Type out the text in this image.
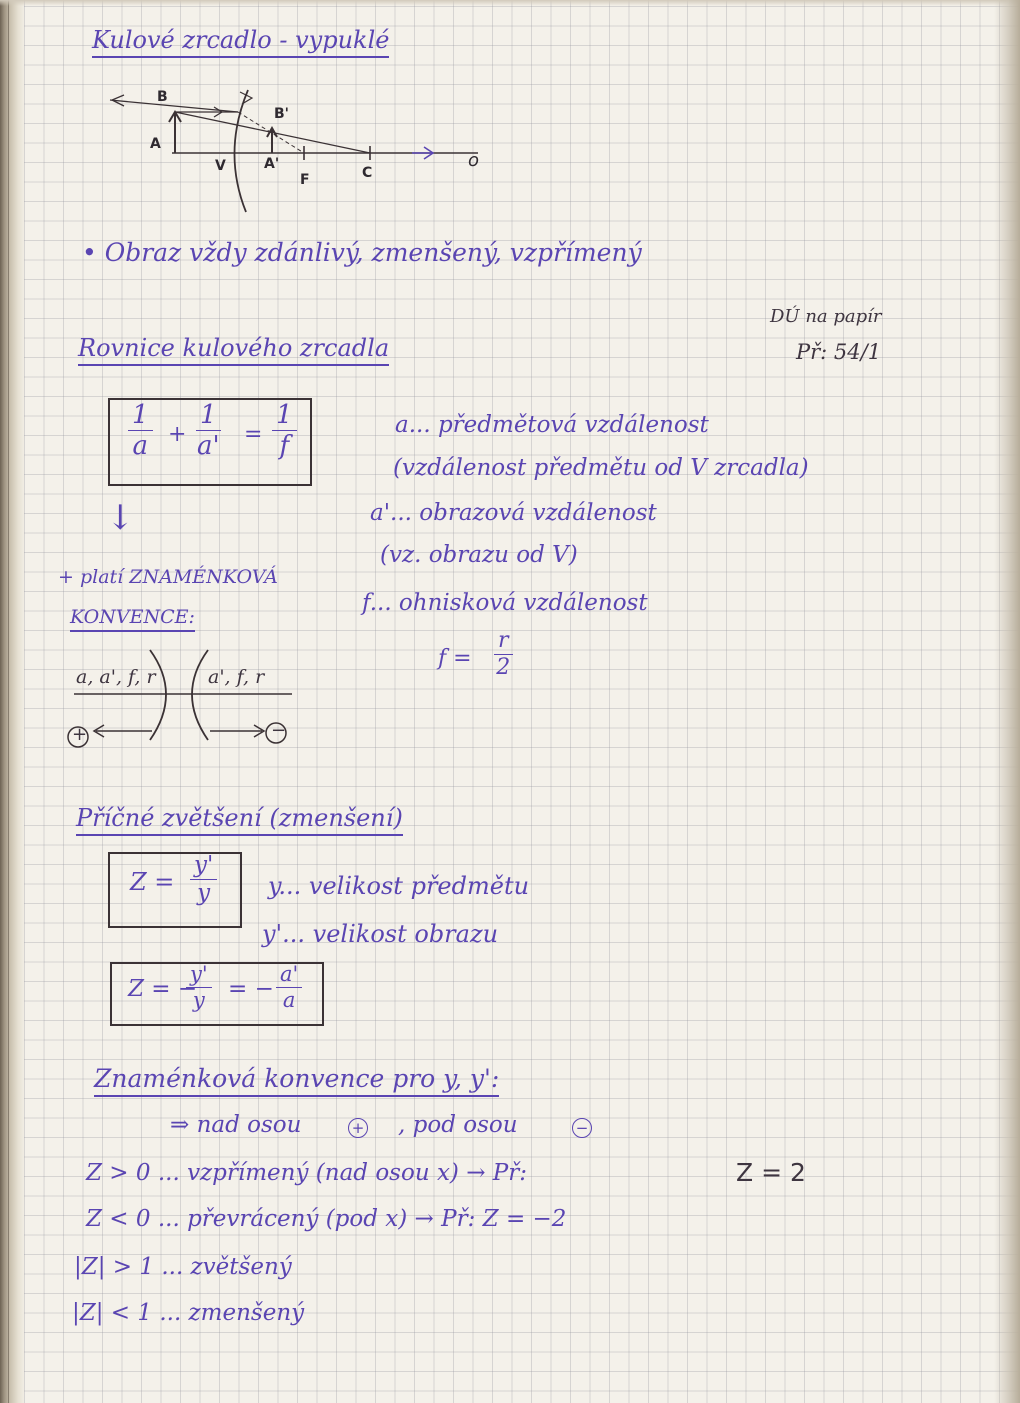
Kulové zrcadlo - vypuklé
B
B'
A
A'
V
F	C
o
• Obraz vždy zdánlivý, zmenšený, vzpřímený
DÚ na papír
Př: 54/1
Rovnice kulového zrcadla
$\frac{1}{a} + \frac{1}{a'} = \frac{1}{f}$
↓
+ platí ZNAMÉNKOVÁ
KONVENCE:
a, a', f, r	a', f, r
+	−
a... předmětová vzdálenost
(vzdálenost předmětu od V zrcadla)
a'... obrazová vzdálenost
(vz. obrazu od V)
f... ohnisková vzdálenost
$f = \frac{r}{2}$
Příčné zvětšení (zmenšení)
$Z = \frac{y'}{y} y$... velikost předmětu
y'... velikost obrazu
Z = −
$\frac{y'}{y}$ = − $\frac{a'}{a}$
Znaménková konvence pro y, y':
⇒ nad osou	+ , pod osou	−
Z > 0 ... vzpřímený (nad osou x) → Př:	Z = 2
Z < 0 ... převrácený (pod x) → Př: Z = −2
|Z| > 1 ... zvětšený
|Z| < 1 ... zmenšený
